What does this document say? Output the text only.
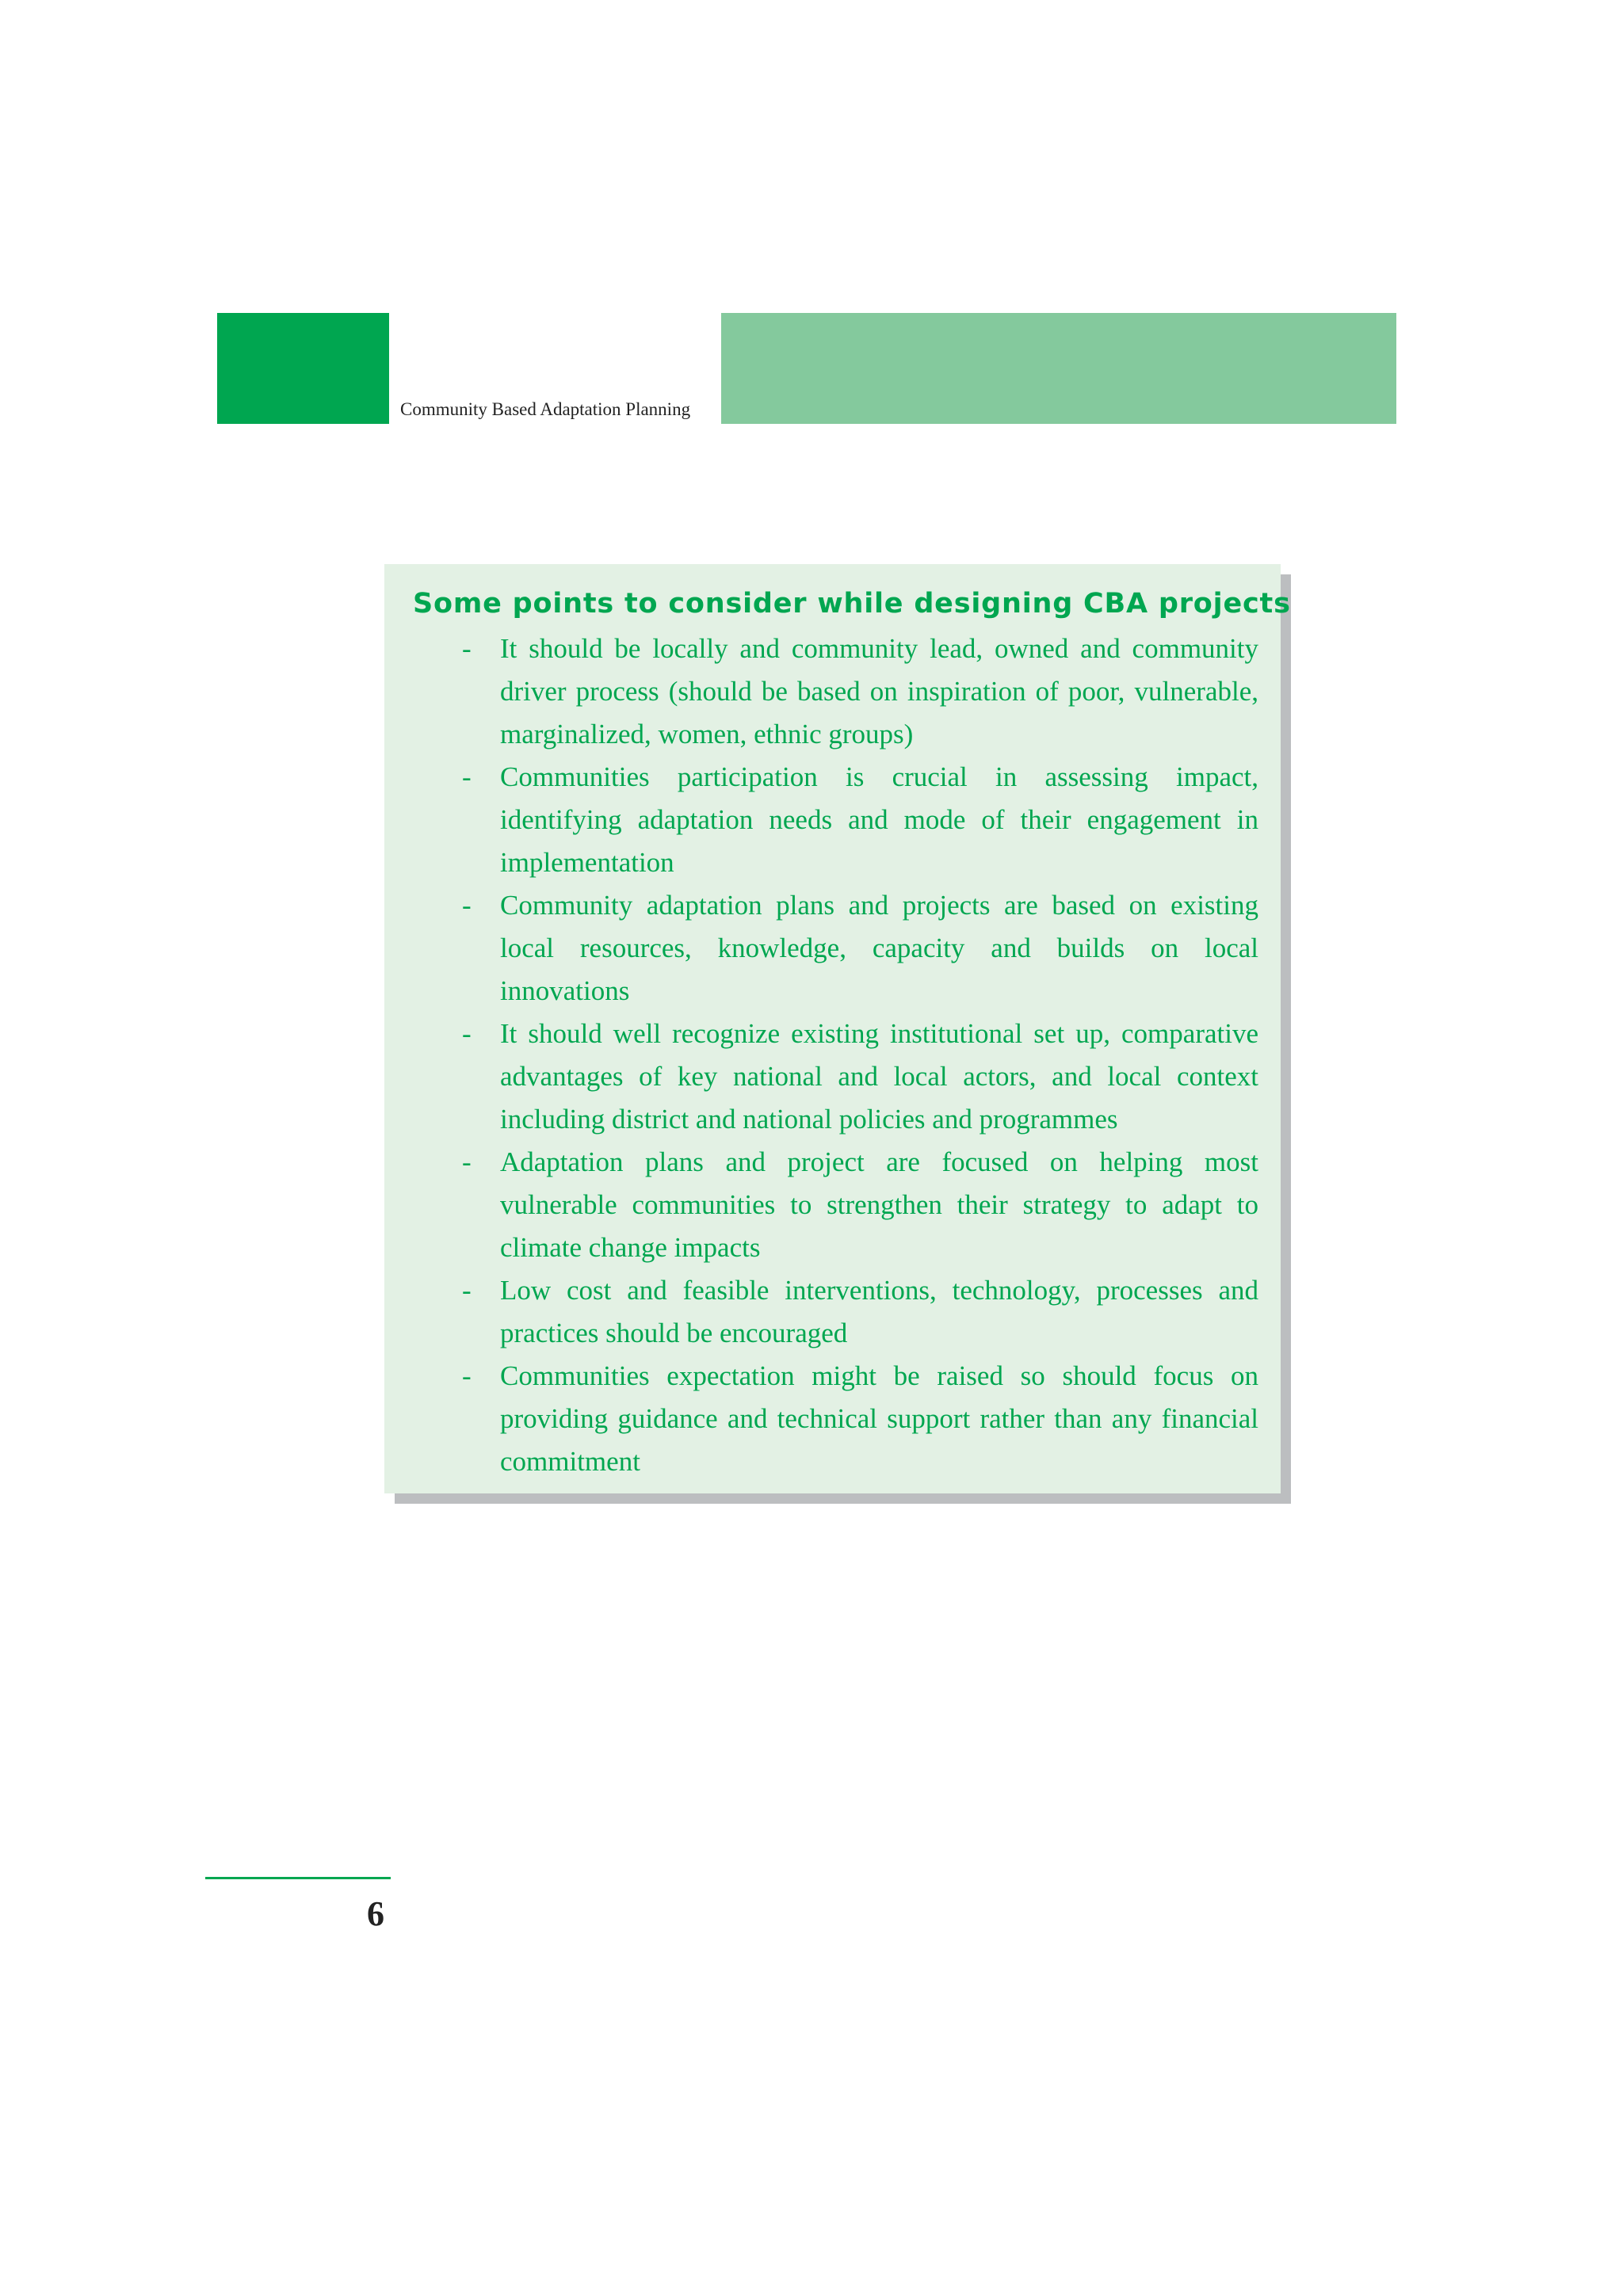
Community Based Adaptation Planning
Some points to consider while designing CBA projects
- It should be locally and community lead, owned and community driver process (should be based on inspiration of poor, vulnerable, marginalized, women, ethnic groups)
- Communities participation is crucial in assessing impact, identifying adaptation needs and mode of their engagement in implementation
- Community adaptation plans and projects are based on existing local resources, knowledge, capacity and builds on local innovations
- It should well recognize existing institutional set up, comparative advantages of key national and local actors, and local context including district and national policies and programmes
- Adaptation plans and project are focused on helping most vulnerable communities to strengthen their strategy to adapt to climate change impacts
- Low cost and feasible interventions, technology, processes and practices should be encouraged
- Communities expectation might be raised so should focus on providing guidance and technical support rather than any financial commitment
6
